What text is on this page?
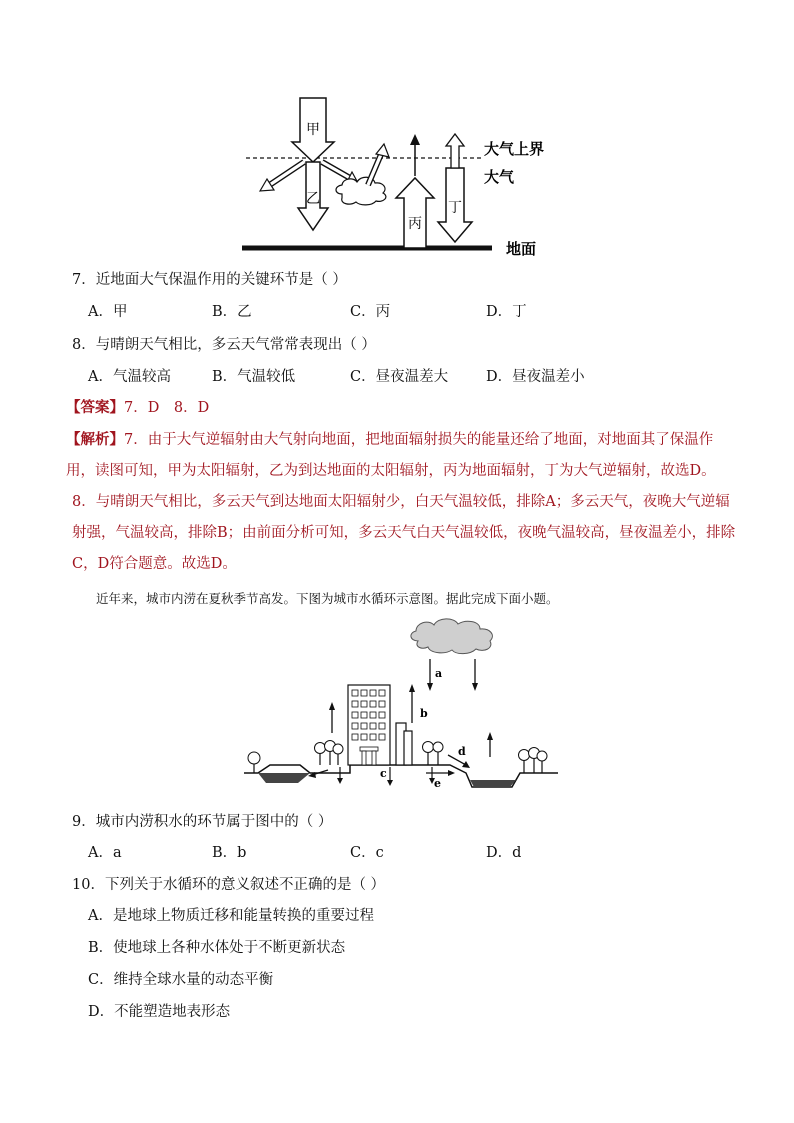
甲
乙
丙
丁
大气上界
大气
地面
7．近地面大气保温作用的关键环节是（ ）
A．甲	B．乙	C．丙	D．丁
8．与晴朗天气相比，多云天气常常表现出（ ）
A．气温较高	B．气温较低	C．昼夜温差大	D．昼夜温差小
【答案】7．D　8．D
【解析】7．由于大气逆辐射由大气射向地面，把地面辐射损失的能量还给了地面，对地面其了保温作用，读图可知，甲为太阳辐射，乙为到达地面的太阳辐射，丙为地面辐射，丁为大气逆辐射，故选D。
8．与晴朗天气相比，多云天气到达地面太阳辐射少，白天气温较低，排除A；多云天气，夜晚大气逆辐射强，气温较高，排除B；由前面分析可知，多云天气白天气温较低，夜晚气温较高，昼夜温差小，排除C，D符合题意。故选D。
近年来，城市内涝在夏秋季节高发。下图为城市水循环示意图。据此完成下面小题。
a
b
c
d
e
9．城市内涝积水的环节属于图中的（ ）
A．a	B．b	C．c	D．d
10．下列关于水循环的意义叙述不正确的是（ ）
A．是地球上物质迁移和能量转换的重要过程
B．使地球上各种水体处于不断更新状态
C．维持全球水量的动态平衡
D．不能塑造地表形态
